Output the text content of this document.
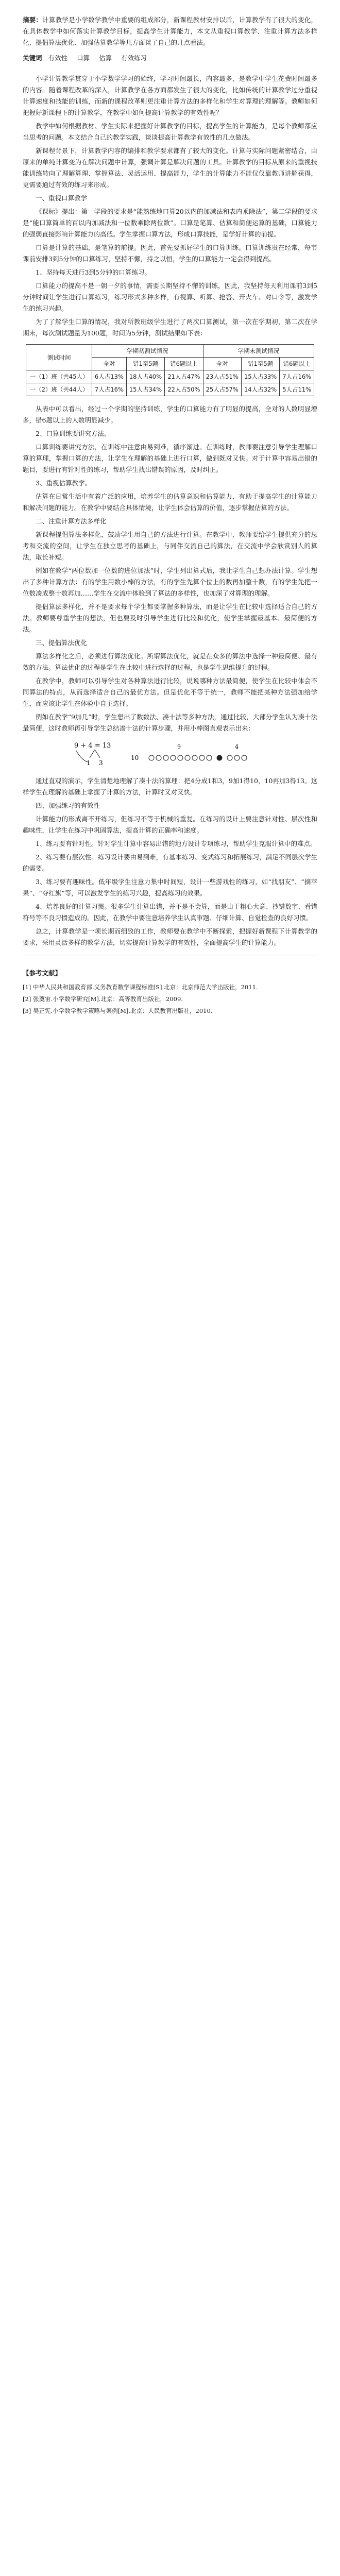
摘要：计算教学是小学数学教学中重要的组成部分，新课程教材安排以后，计算教学有了很大的变化，在具体教学中如何落实计算教学目标，提高学生计算能力，本文从重视口算教学、注重计算方法多样化、提倡算法优化、加强估算教学等几方面谈了自己的几点看法。

关键词 有效性 口算 估算 有效练习

小学计算教学贯穿于小学数学学习的始终，学习时间最长，内容最多，是教学中学生花费时间最多的内容。随着课程改革的深入，计算教学在各方面都发生了很大的变化，比如传统的计算教学过分重视计算速度和技能的训练，而新的课程改革则更注重计算方法的多样化和学生对算理的理解等。教师如何把握好新课程下的计算教学，在教学中如何提高计算教学的有效性呢？

教学中如何根据教材、学生实际来把握好计算教学的目标，提高学生的计算能力，是每个教师都应当思考的问题。本文结合自己的教学实践，谈谈提高计算教学有效性的几点做法。

新课程背景下，计算教学内容的编排和教学要求都有了较大的变化。计算与实际问题紧密结合，由原来的单纯计算变为在解决问题中计算，强调计算是解决问题的工具。计算教学的目标从原来的重视技能训练转向了理解算理、掌握算法、灵活运用、提高能力，学生的计算能力不能仅仅靠教师讲解获得，更需要通过有效的练习来形成。

一、重视口算教学

《课标》提出：第一学段的要求是“能熟练地口算20以内的加减法和表内乘除法”，第二学段的要求是“能口算简单的百以内加减法和一位数乘除两位数”。口算是笔算、估算和简便运算的基础，口算能力的强弱直接影响计算能力的高低。学生掌握口算方法，形成口算技能，是学好计算的前提。

口算是计算的基础，是笔算的前提。因此，首先要抓好学生的口算训练。口算训练贵在经常，每节课前安排3到5分钟的口算练习，坚持不懈，持之以恒，学生的口算能力一定会得到提高。

1、坚持每天进行3到5分钟的口算练习。

口算能力的提高不是一朝一夕的事情，需要长期坚持不懈的训练，因此，我坚持每天利用课前3到5分钟时间让学生进行口算练习，练习形式多种多样，有视算、听算、抢答、开火车、对口令等，激发学生的练习兴趣。

为了了解学生口算的情况，我对所教班级学生进行了两次口算测试，第一次在学期初，第二次在学期末，每次测试题量为100题，时间为5分钟，测试结果如下表：

测试时间	学期初测试情况			学期末测试情况		
	全对	错1至5题	错6题以上	全对	错1至5题	错6题以上
一（1）班（共45人）	6人占13%	18人占40%	21人占47%	23人占51%	15人占33%	7人占16%
一（2）班（共44人）	7人占16%	15人占34%	22人占50%	25人占57%	14人占32%	5人占11%

从表中可以看出，经过一个学期的坚持训练，学生的口算能力有了明显的提高，全对的人数明显增多，错6题以上的人数明显减少。

2、口算训练要讲究方法。

口算训练要讲究方法，在训练中注意由易到难，循序渐进。在训练时，教师要注意引导学生理解口算的算理，掌握口算的方法，让学生在理解的基础上进行口算，做到既对又快。对于计算中容易出错的题目，要进行有针对性的练习，帮助学生找出错误的原因，及时纠正。

3、重视估算教学。

估算在日常生活中有着广泛的应用，培养学生的估算意识和估算能力，有助于提高学生的计算能力和解决问题的能力。在教学中要结合具体情境，让学生体会估算的价值，逐步掌握估算的方法。

二、注重计算方法多样化

新课程提倡算法多样化，鼓励学生用自己的方法进行计算。在教学中，教师要给学生提供充分的思考和交流的空间，让学生在独立思考的基础上，与同伴交流自己的算法，在交流中学会欣赏别人的算法，取长补短。

例如在教学“两位数加一位数的进位加法”时，学生列出算式后，我让学生自己想办法计算。学生想出了多种计算方法：有的学生用数小棒的方法，有的学生先算个位上的数再加整十数，有的学生先把一位数凑成整十数再加……学生在交流中体验到了算法的多样性，也加深了对算理的理解。

提倡算法多样化，并不是要求每个学生都要掌握多种算法，而是让学生在比较中选择适合自己的方法。教师要尊重学生的想法，但也要及时引导学生进行比较和优化，使学生掌握最基本、最简便的方法。

三、提倡算法优化

算法多样化之后，必须进行算法优化。所谓算法优化，就是在众多的算法中选择一种最简便、最有效的方法。算法优化的过程是学生在比较中进行选择的过程，也是学生思维提升的过程。

在教学中，教师可以引导学生对各种算法进行比较，说说哪种方法最简便，使学生在比较中体会不同算法的特点，从而选择适合自己的最优方法。但是优化不等于统一，教师不能把某种方法强加给学生，而应该让学生在体验中自主选择。

例如在教学“9加几”时，学生想出了数数法、凑十法等多种方法，通过比较，大部分学生认为凑十法最简便，这时教师再引导学生总结凑十法的计算步骤，并用小棒图直观表示出来：

9 + 4 = 13
1 3
10
9	4

通过直观的演示，学生清楚地理解了凑十法的算理：把4分成1和3，9加1得10，10再加3得13。这样学生在理解的基础上掌握了计算的方法，计算时又对又快。

四、加强练习的有效性

计算能力的形成离不开练习，但练习不等于机械的重复。在练习的设计上要注意针对性、层次性和趣味性，让学生在练习中巩固算法，提高计算的正确率和速度。

1、练习要有针对性。针对学生计算中容易出错的地方设计专项练习，帮助学生克服计算中的难点。

2、练习要有层次性。练习设计要由易到难，有基本练习、变式练习和拓展练习，满足不同层次学生的需要。

3、练习要有趣味性。低年级学生注意力集中时间短，设计一些游戏性的练习，如“找朋友”、“摘苹果”、“夺红旗”等，可以激发学生的练习兴趣，提高练习的效果。

4、培养良好的计算习惯。很多学生计算出错，并不是不会算，而是由于粗心大意、抄错数字、看错符号等不良习惯造成的。因此，在教学中要注意培养学生认真审题、仔细计算、自觉检查的良好习惯。

总之，计算教学是一项长期而细致的工作，教师要在教学中不断探索，把握好新课程下计算教学的要求，采用灵活多样的教学方法，切实提高计算教学的有效性，全面提高学生的计算能力。

【参考文献】

[1] 中华人民共和国教育部.义务教育数学课程标准[S].北京：北京师范大学出版社，2011.

[2] 张奠宙.小学数学研究[M].北京：高等教育出版社，2009.

[3] 吴正宪.小学数学教学策略与案例[M].北京：人民教育出版社，2010.
